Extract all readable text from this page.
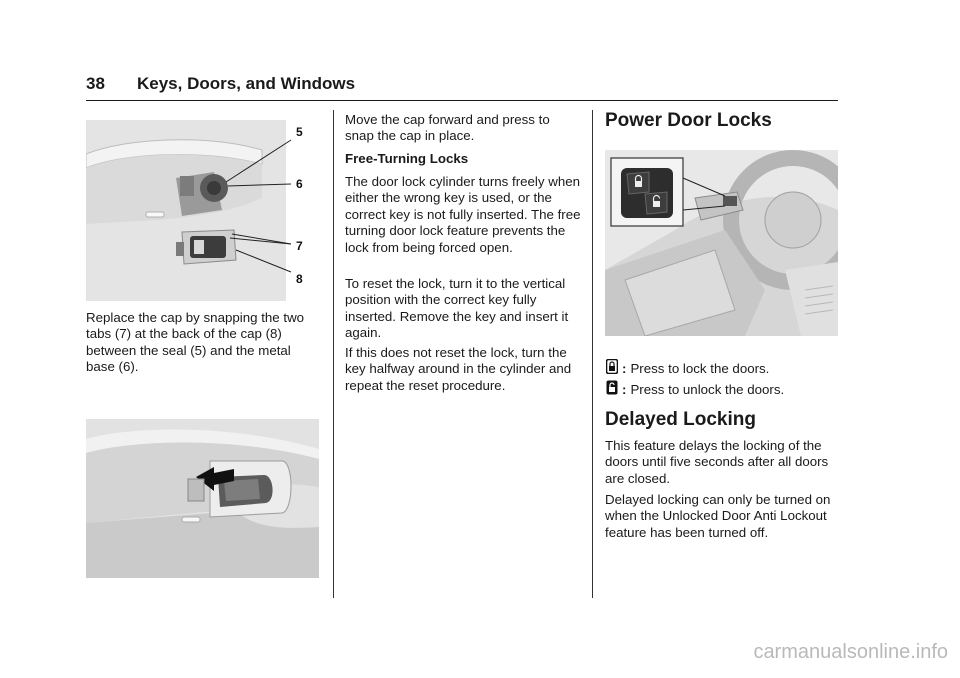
38 Keys, Doors, and Windows
5
6
7
8

Replace the cap by snapping the two tabs (7) at the back of the cap (8) between the seal (5) and the metal base (6).

Move the cap forward and press to snap the cap in place.

Free-Turning Locks

The door lock cylinder turns freely when either the wrong key is used, or the correct key is not fully inserted. The free turning door lock feature prevents the lock from being forced open.

To reset the lock, turn it to the vertical position with the correct key fully inserted. Remove the key and insert it again.

If this does not reset the lock, turn the key halfway around in the cylinder and repeat the reset procedure.

Power Door Locks
: Press to lock the doors.
: Press to unlock the doors.
Delayed Locking

This feature delays the locking of the doors until five seconds after all doors are closed.

Delayed locking can only be turned on when the Unlocked Door Anti Lockout feature has been turned off.

carmanualsonline.info
